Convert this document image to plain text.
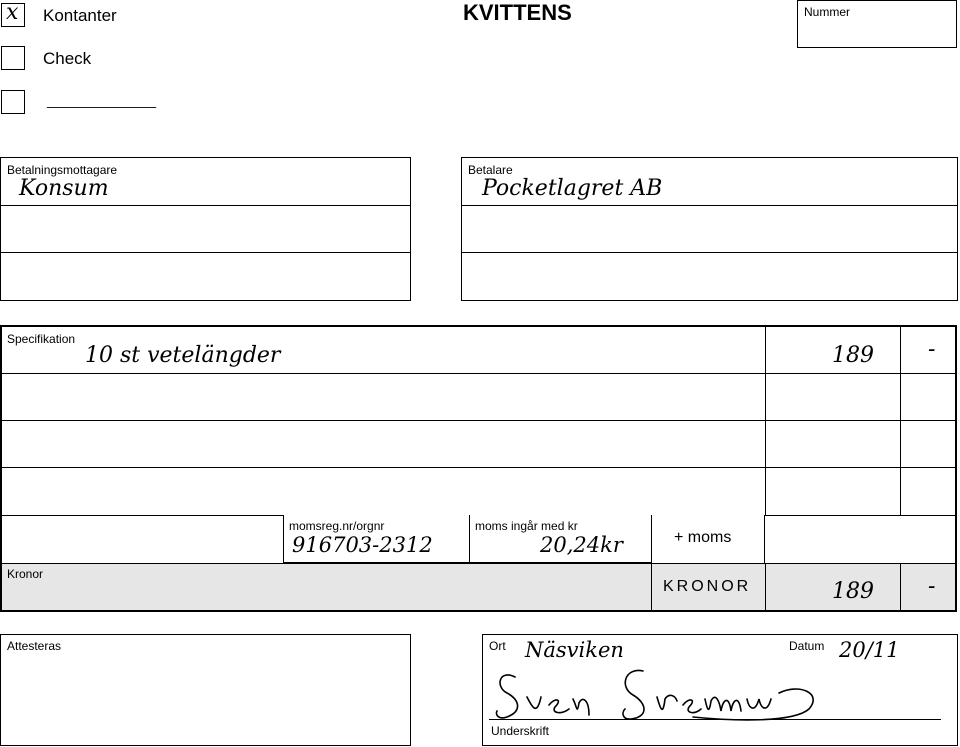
x Kontanter
Check
______________
KVITTENS	Nummer
Betalningsmottagare
Konsum
Betalare
Pocketlagret AB
Specifikation
10 st vetelängder	189 -
Kronor
momsreg.nr/orgnr
916703-2312
moms ingår med kr
20,24kr	+ moms
KRONOR	189 -
Attesteras	Ort Näsviken	Datum 20/11
Underskrift
